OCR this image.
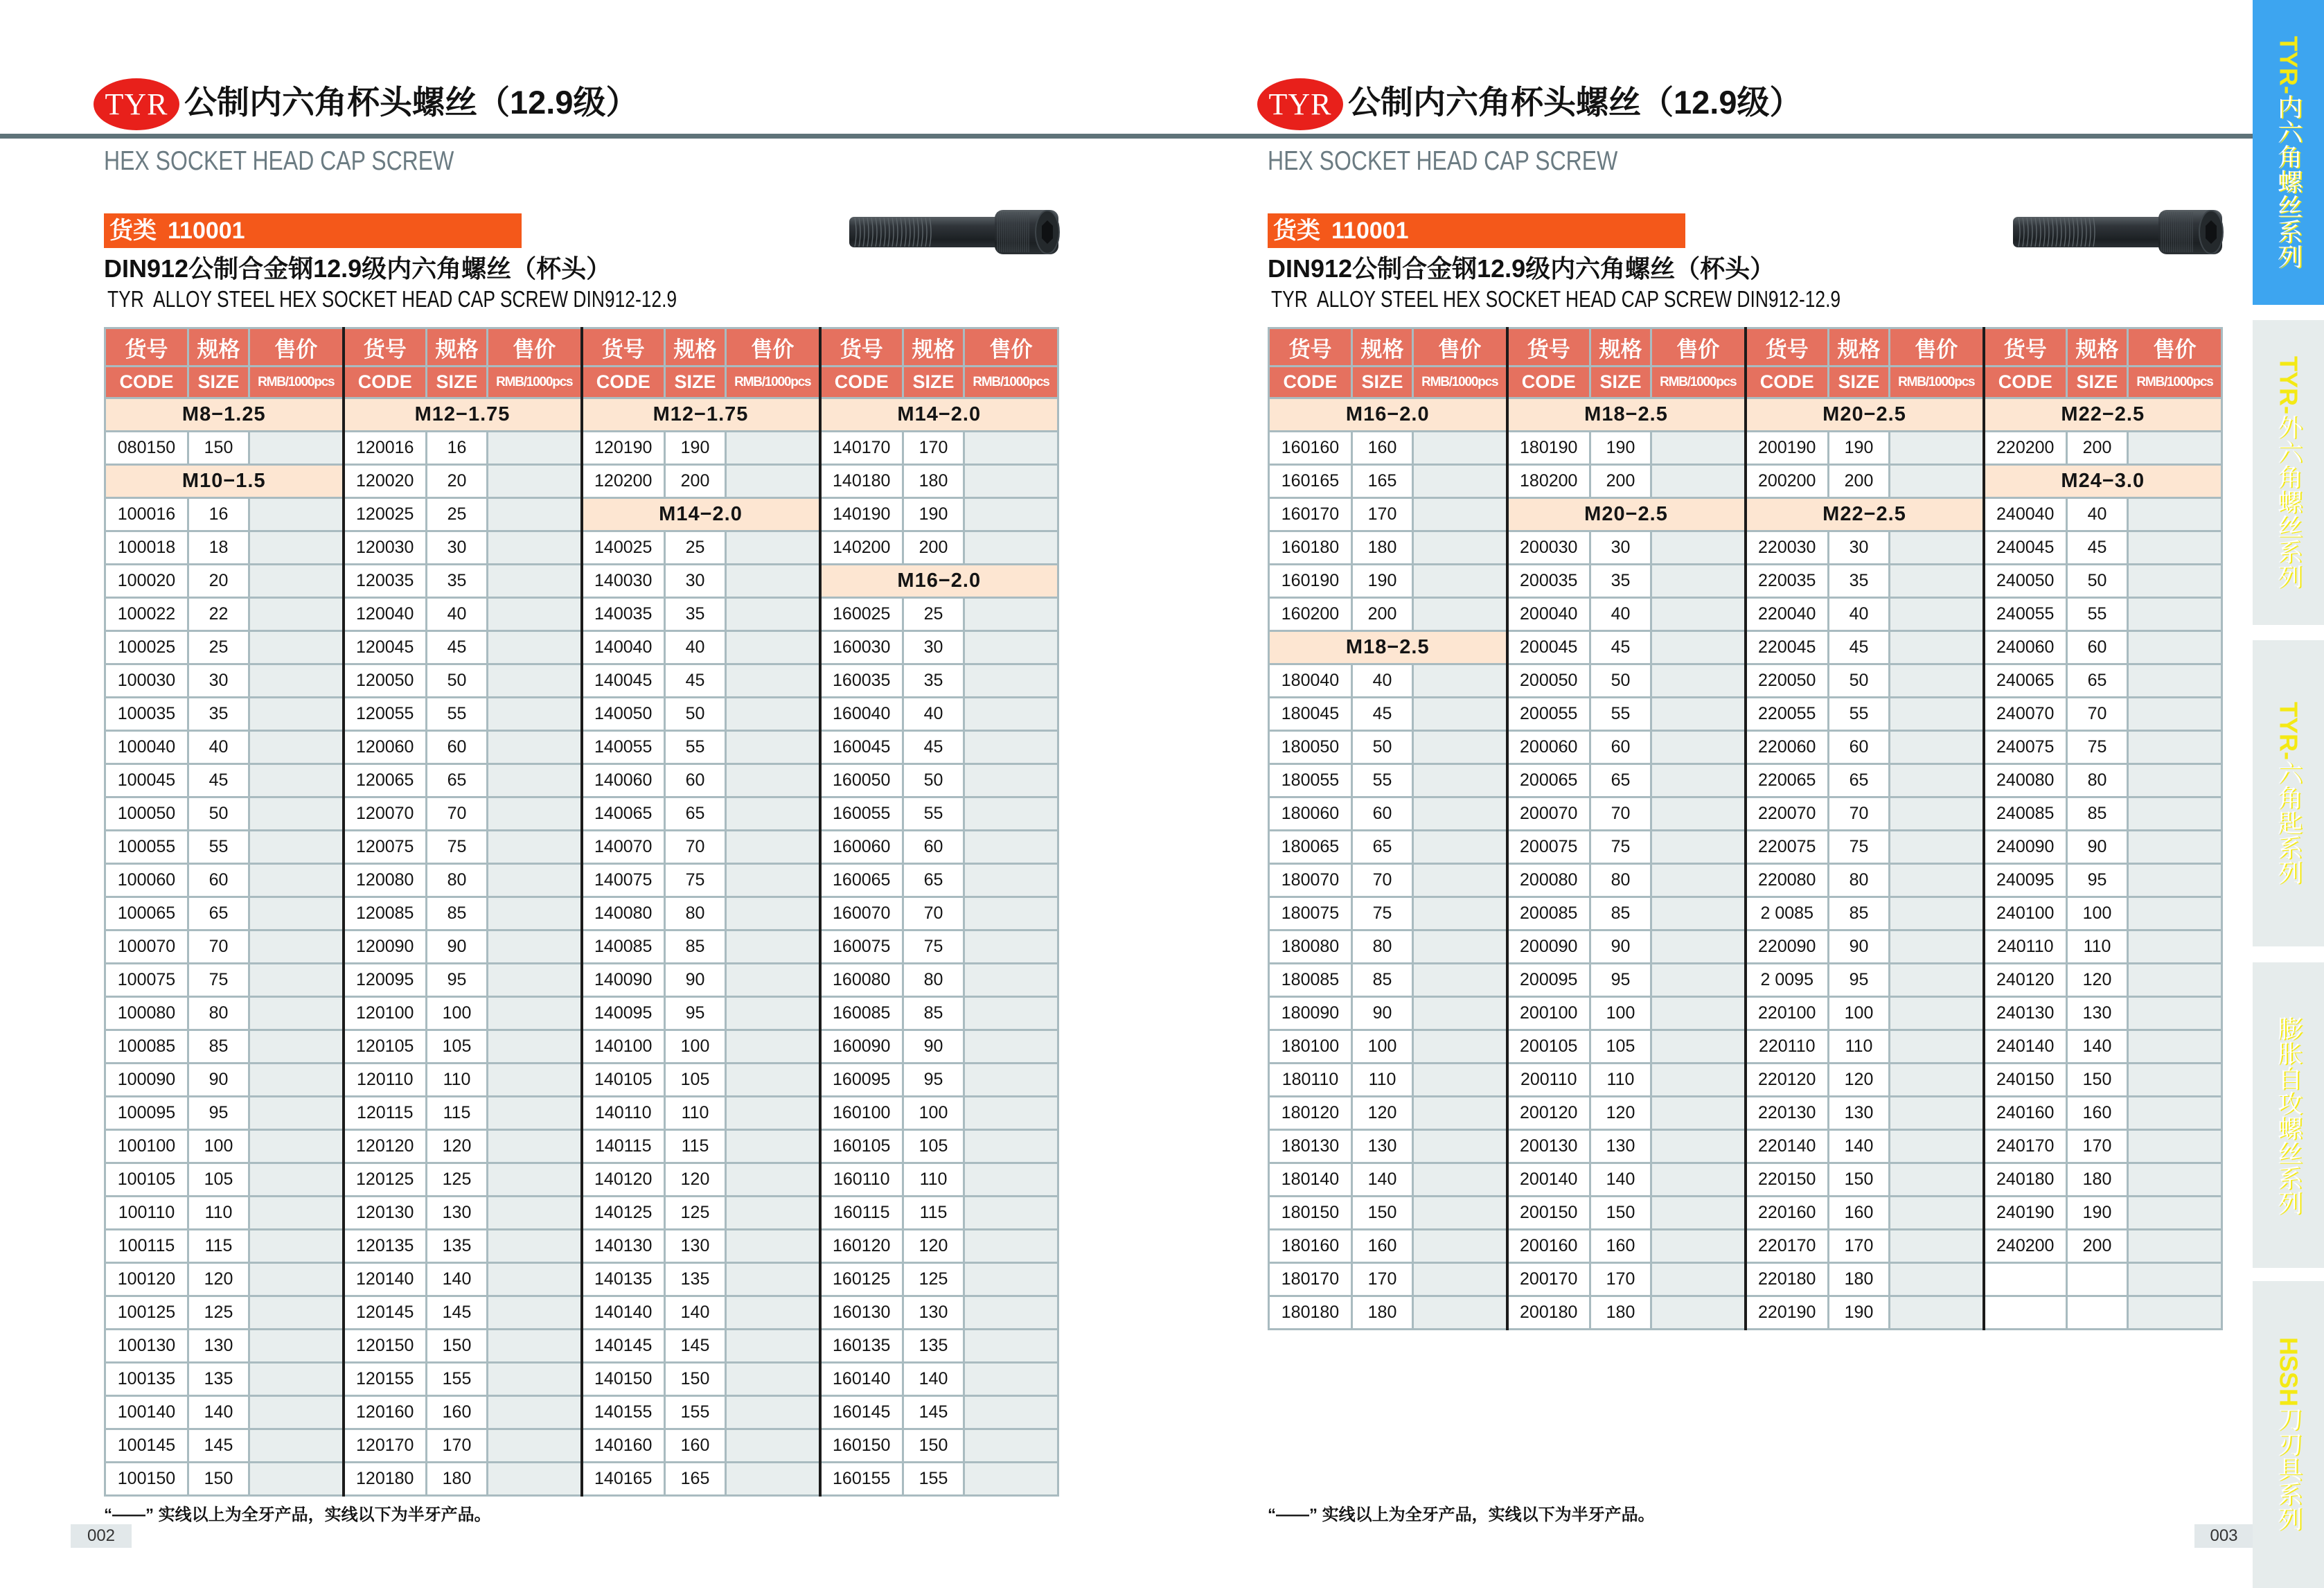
TYR 公制内六角杯头螺丝（12.9级）
HEX SOCKET HEAD CAP SCREW
货类 110001
DIN912公制合金钢12.9级内六角螺丝（杯头）
TYR  ALLOY STEEL HEX SOCKET HEAD CAP SCREW DIN912-12.9
货号	规格	售价	货号	规格	售价	货号	规格	售价	货号	规格	售价
CODE	SIZE	RMB/1000pcs	CODE	SIZE	RMB/1000pcs	CODE	SIZE	RMB/1000pcs	CODE	SIZE	RMB/1000pcs
M8−1.25			M12−1.75			M12−1.75			M14−2.0		
080150	150		120016	16		120190	190		140170	170	
M10−1.5			120020	20		120200	200		140180	180	
100016	16		120025	25		M14−2.0			140190	190	
100018	18		120030	30		140025	25		140200	200	
100020	20		120035	35		140030	30		M16−2.0		
100022	22		120040	40		140035	35		160025	25	
100025	25		120045	45		140040	40		160030	30	
100030	30		120050	50		140045	45		160035	35	
100035	35		120055	55		140050	50		160040	40	
100040	40		120060	60		140055	55		160045	45	
100045	45		120065	65		140060	60		160050	50	
100050	50		120070	70		140065	65		160055	55	
100055	55		120075	75		140070	70		160060	60	
100060	60		120080	80		140075	75		160065	65	
100065	65		120085	85		140080	80		160070	70	
100070	70		120090	90		140085	85		160075	75	
100075	75		120095	95		140090	90		160080	80	
100080	80		120100	100		140095	95		160085	85	
100085	85		120105	105		140100	100		160090	90	
100090	90		120110	110		140105	105		160095	95	
100095	95		120115	115		140110	110		160100	100	
100100	100		120120	120		140115	115		160105	105	
100105	105		120125	125		140120	120		160110	110	
100110	110		120130	130		140125	125		160115	115	
100115	115		120135	135		140130	130		160120	120	
100120	120		120140	140		140135	135		160125	125	
100125	125		120145	145		140140	140		160130	130	
100130	130		120150	150		140145	145		160135	135	
100135	135		120155	155		140150	150		160140	140	
100140	140		120160	160		140155	155		160145	145	
100145	145		120170	170		140160	160		160150	150	
100150	150		120180	180		140165	165		160155	155	
“——” 实线以上为全牙产品，实线以下为半牙产品。
002
TYR 公制内六角杯头螺丝（12.9级）
HEX SOCKET HEAD CAP SCREW
货类 110001
DIN912公制合金钢12.9级内六角螺丝（杯头）
TYR  ALLOY STEEL HEX SOCKET HEAD CAP SCREW DIN912-12.9
货号	规格	售价	货号	规格	售价	货号	规格	售价	货号	规格	售价
CODE	SIZE	RMB/1000pcs	CODE	SIZE	RMB/1000pcs	CODE	SIZE	RMB/1000pcs	CODE	SIZE	RMB/1000pcs
M16−2.0			M18−2.5			M20−2.5			M22−2.5		
160160	160		180190	190		200190	190		220200	200	
160165	165		180200	200		200200	200		M24−3.0		
160170	170		M20−2.5			M22−2.5			240040	40	
160180	180		200030	30		220030	30		240045	45	
160190	190		200035	35		220035	35		240050	50	
160200	200		200040	40		220040	40		240055	55	
M18−2.5			200045	45		220045	45		240060	60	
180040	40		200050	50		220050	50		240065	65	
180045	45		200055	55		220055	55		240070	70	
180050	50		200060	60		220060	60		240075	75	
180055	55		200065	65		220065	65		240080	80	
180060	60		200070	70		220070	70		240085	85	
180065	65		200075	75		220075	75		240090	90	
180070	70		200080	80		220080	80		240095	95	
180075	75		200085	85		2 0085	85		240100	100	
180080	80		200090	90		220090	90		240110	110	
180085	85		200095	95		2 0095	95		240120	120	
180090	90		200100	100		220100	100		240130	130	
180100	100		200105	105		220110	110		240140	140	
180110	110		200110	110		220120	120		240150	150	
180120	120		200120	120		220130	130		240160	160	
180130	130		200130	130		220140	140		240170	170	
180140	140		200140	140		220150	150		240180	180	
180150	150		200150	150		220160	160		240190	190	
180160	160		200160	160		220170	170		240200	200	
180170	170		200170	170		220180	180				
180180	180		200180	180		220190	190				
“——” 实线以上为全牙产品，实线以下为半牙产品。
003
TYR-内六角螺丝系列
TYR-外六角螺丝系列
TYR-六角匙系列
膨胀自攻螺丝系列
HSSH刀刃具系列
